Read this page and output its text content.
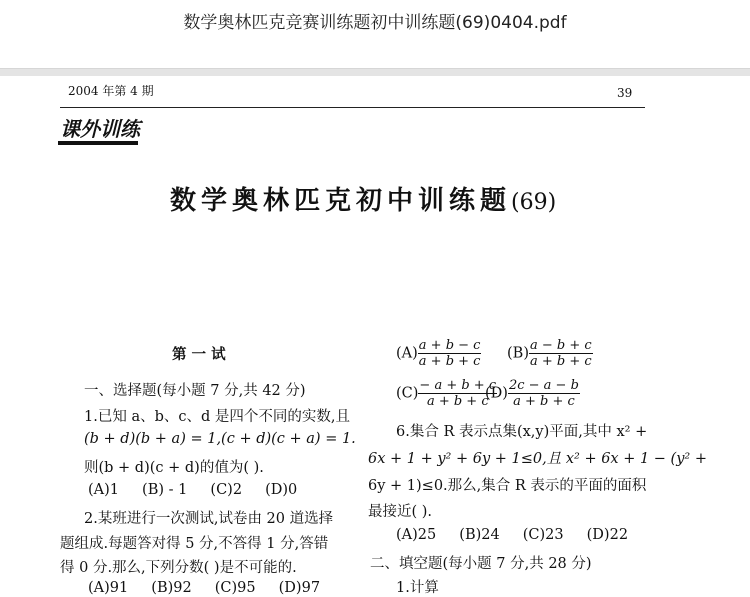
数学奥林匹克竞赛训练题初中训练题(69)0404.pdf
2004 年第 4 期	39
课外训练
数学奥林匹克初中训练题(69)
第 一 试
一、选择题(每小题 7 分,共 42 分)
1.已知 a、b、c、d 是四个不同的实数,且
(b + d)(b + a) = 1,(c + d)(c + a) = 1.
则(b + d)(c + d)的值为( ).
(A)1     (B) - 1     (C)2     (D)0
2.某班进行一次测试,试卷由 20 道选择
题组成.每题答对得 5 分,不答得 1 分,答错
得 0 分.那么,下列分数( )是不可能的.
(A)91     (B)92     (C)95     (D)97
$(A) \frac{a + b - c}{a + b + c} (B) \frac{a - b + c}{a + b + c}$
$(C) \frac{- a + b + c}{a + b + c}$
$(D) \frac{2c - a - b}{a + b + c}$
6.集合 R 表示点集(x,y)平面,其中 x² +
6x + 1 + y² + 6y + 1≤0,且 x² + 6x + 1 − (y² +
6y + 1)≤0.那么,集合 R 表示的平面的面积
最接近( ).
(A)25     (B)24     (C)23     (D)22
二、填空题(每小题 7 分,共 28 分)
1.计算
